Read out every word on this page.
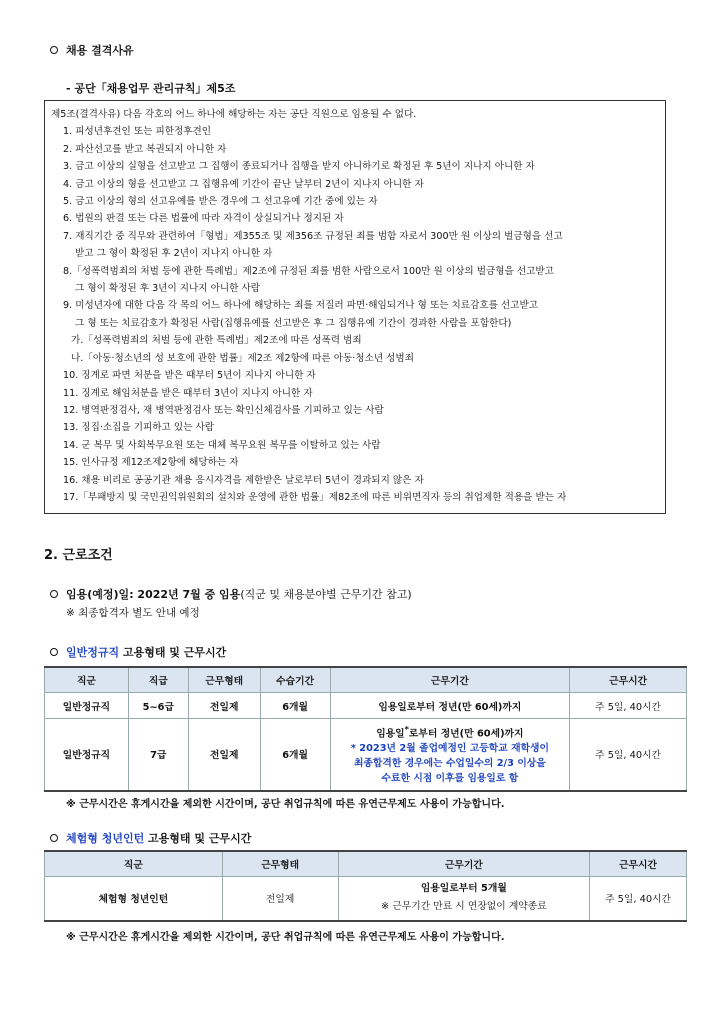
채용 결격사유
- 공단「채용업무 관리규칙」제5조
제5조(결격사유) 다음 각호의 어느 하나에 해당하는 자는 공단 직원으로 임용될 수 없다.
1. 피성년후견인 또는 피한정후견인
2. 파산선고를 받고 복권되지 아니한 자
3. 금고 이상의 실형을 선고받고 그 집행이 종료되거나 집행을 받지 아니하기로 확정된 후 5년이 지나지 아니한 자
4. 금고 이상의 형을 선고받고 그 집행유예 기간이 끝난 날부터 2년이 지나지 아니한 자
5. 금고 이상의 형의 선고유예를 받은 경우에 그 선고유예 기간 중에 있는 자
6. 법원의 판결 또는 다른 법률에 따라 자격이 상실되거나 정지된 자
7. 재직기간 중 직무와 관련하여「형법」제355조 및 제356조 규정된 죄를 범함 자로서 300만 원 이상의 벌금형을 선고
받고 그 형이 확정된 후 2년이 지나지 아니한 자
8.「성폭력범죄의 처벌 등에 관한 특례법」제2조에 규정된 죄를 범한 사람으로서 100만 원 이상의 벌금형을 선고받고
그 형이 확정된 후 3년이 지나지 아니한 사람
9. 미성년자에 대한 다음 각 목의 어느 하나에 해당하는 죄를 저질러 파면·해임되거나 형 또는 치료감호를 선고받고
그 형 또는 치료감호가 확정된 사람(집행유예를 선고받은 후 그 집행유예 기간이 경과한 사람을 포함한다)
가.「성폭력범죄의 처벌 등에 관한 특례법」제2조에 따른 성폭력 범죄
나.「아동·청소년의 성 보호에 관한 법률」제2조 제2항에 따른 아동·청소년 성범죄
10. 징계로 파면 처분을 받은 때부터 5년이 지나지 아니한 자
11. 징계로 해임처분을 받은 때부터 3년이 지나지 아니한 자
12. 병역판정검사, 재 병역판정검사 또는 확인신체검사를 기피하고 있는 사람
13. 징집·소집을 기피하고 있는 사람
14. 군 복무 및 사회복무요원 또는 대체 복무요원 복무를 이탈하고 있는 사람
15. 인사규정 제12조제2항에 해당하는 자
16. 채용 비리로 공공기관 채용 응시자격을 제한받은 날로부터 5년이 경과되지 않은 자
17.「부패방지 및 국민권익위원회의 설치와 운영에 관한 법률」제82조에 따른 비위면직자 등의 취업제한 적용을 받는 자
2. 근로조건
임용(예정)일: 2022년 7월 중 임용(직군 및 채용분야별 근무기간 참고)
※ 최종합격자 별도 안내 예정
일반정규직 고용형태 및 근무시간
직군	직급	근무형태	수습기간	근무기간	근무시간
일반정규직	5~6급	전일제	6개월	임용일로부터 정년(만 60세)까지	주 5일, 40시간
일반정규직	7급	전일제	6개월	임용일*로부터 정년(만 60세)까지
* 2023년 2월 졸업예정인 고등학교 재학생이
최종합격한 경우에는 수업일수의 2/3 이상을
수료한 시점 이후를 임용일로 함	주 5일, 40시간
※ 근무시간은 휴게시간을 제외한 시간이며, 공단 취업규칙에 따른 유연근무제도 사용이 가능합니다.
체험형 청년인턴 고용형태 및 근무시간
직군	근무형태	근무기간	근무시간
체험형 청년인턴	전일제	임용일로부터 5개월
※ 근무기간 만료 시 연장없이 계약종료	주 5일, 40시간
※ 근무시간은 휴게시간을 제외한 시간이며, 공단 취업규칙에 따른 유연근무제도 사용이 가능합니다.
